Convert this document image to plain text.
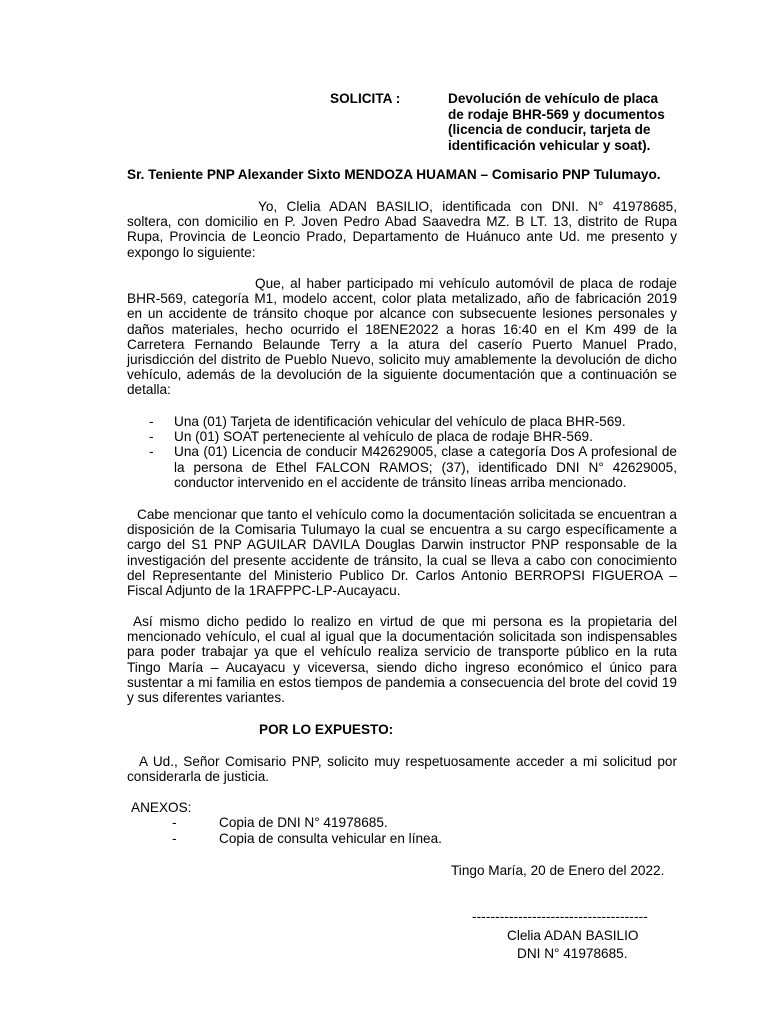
SOLICITA :	Devolución de vehículo de placa
de rodaje BHR-569 y documentos
(licencia de conducir, tarjeta de
identificación vehicular y soat).

Sr. Teniente PNP Alexander Sixto MENDOZA HUAMAN – Comisario PNP Tulumayo.

Yo, Clelia ADAN BASILIO, identificada con DNI. N° 41978685, soltera, con domicilio en P. Joven Pedro Abad Saavedra MZ. B LT. 13, distrito de Rupa Rupa, Provincia de Leoncio Prado, Departamento de Huánuco ante Ud. me presento y expongo lo siguiente:

Que, al haber participado mi vehículo automóvil de placa de rodaje BHR-569, categoría M1, modelo accent, color plata metalizado, año de fabricación 2019 en un accidente de tránsito choque por alcance con subsecuente lesiones personales y daños materiales, hecho ocurrido el 18ENE2022 a horas 16:40 en el Km 499 de la Carretera Fernando Belaunde Terry a la atura del caserío Puerto Manuel Prado, jurisdicción del distrito de Pueblo Nuevo, solicito muy amablemente la devolución de dicho vehículo, además de la devolución de la siguiente documentación que a continuación se detalla:

- Una (01) Tarjeta de identificación vehicular del vehículo de placa BHR-569.
- Un (01) SOAT perteneciente al vehículo de placa de rodaje BHR-569.
- Una (01) Licencia de conducir M42629005, clase a categoría Dos A profesional de la persona de Ethel FALCON RAMOS; (37), identificado DNI N° 42629005, conductor intervenido en el accidente de tránsito líneas arriba mencionado.

Cabe mencionar que tanto el vehículo como la documentación solicitada se encuentran a disposición de la Comisaria Tulumayo la cual se encuentra a su cargo específicamente a cargo del S1 PNP AGUILAR DAVILA Douglas Darwin instructor PNP responsable de la investigación del presente accidente de tránsito, la cual se lleva a cabo con conocimiento del Representante del Ministerio Publico Dr. Carlos Antonio BERROPSI FIGUEROA – Fiscal Adjunto de la 1RAFPPC-LP-Aucayacu.

Así mismo dicho pedido lo realizo en virtud de que mi persona es la propietaria del mencionado vehículo, el cual al igual que la documentación solicitada son indispensables para poder trabajar ya que el vehículo realiza servicio de transporte público en la ruta Tingo María – Aucayacu y viceversa, siendo dicho ingreso económico el único para sustentar a mi familia en estos tiempos de pandemia a consecuencia del brote del covid 19 y sus diferentes variantes.

POR LO EXPUESTO:

A Ud., Señor Comisario PNP, solicito muy respetuosamente acceder a mi solicitud por considerarla de justicia.

ANEXOS:
-	Copia de DNI N° 41978685.
-	Copia de consulta vehicular en línea.
Tingo María, 20 de Enero del 2022.
--------------------------------------
Clelia ADAN BASILIO
DNI N° 41978685.
